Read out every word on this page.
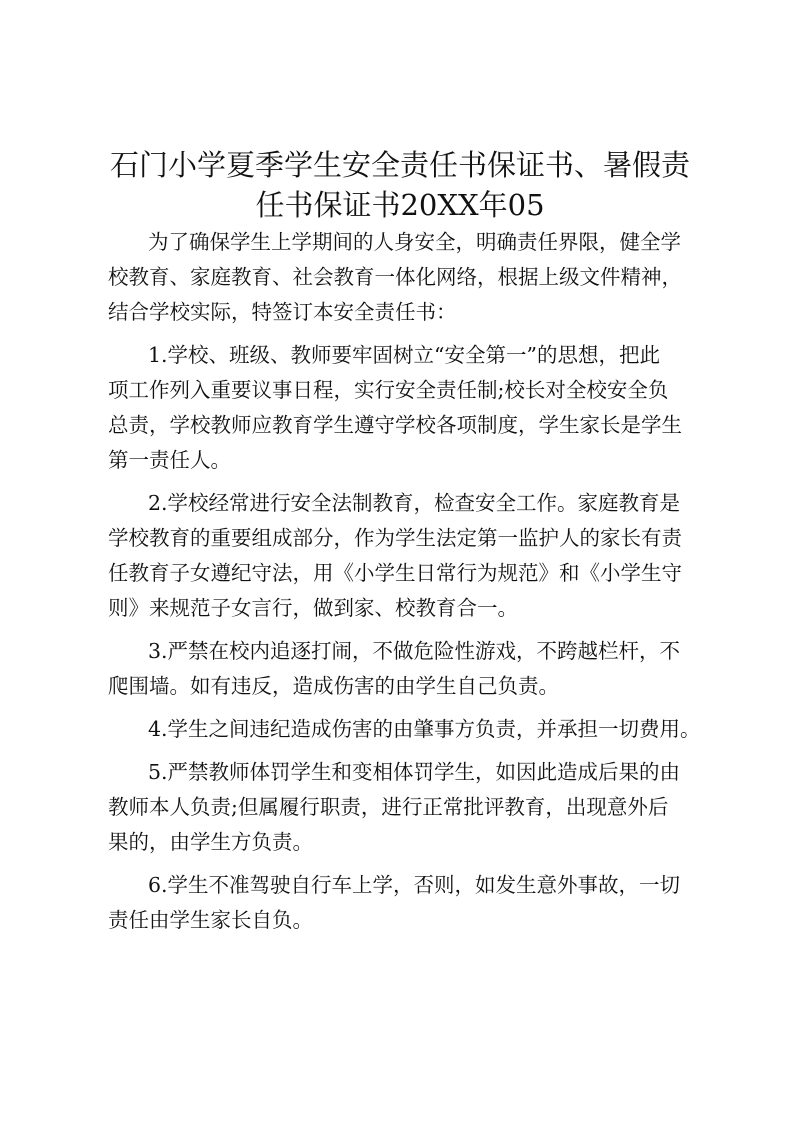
石门小学夏季学生安全责任书保证书、暑假责
任书保证书20XX年05

为了确保学生上学期间的人身安全，明确责任界限，健全学
校教育、家庭教育、社会教育一体化网络，根据上级文件精神，
结合学校实际，特签订本安全责任书：

1.学校、班级、教师要牢固树立“安全第一”的思想，把此
项工作列入重要议事日程，实行安全责任制;校长对全校安全负
总责，学校教师应教育学生遵守学校各项制度，学生家长是学生
第一责任人。

2.学校经常进行安全法制教育，检查安全工作。家庭教育是
学校教育的重要组成部分，作为学生法定第一监护人的家长有责
任教育子女遵纪守法，用《小学生日常行为规范》和《小学生守
则》来规范子女言行，做到家、校教育合一。

3.严禁在校内追逐打闹，不做危险性游戏，不跨越栏杆，不
爬围墙。如有违反，造成伤害的由学生自己负责。

4.学生之间违纪造成伤害的由肇事方负责，并承担一切费用。

5.严禁教师体罚学生和变相体罚学生，如因此造成后果的由
教师本人负责;但属履行职责，进行正常批评教育，出现意外后
果的，由学生方负责。

6.学生不准驾驶自行车上学，否则，如发生意外事故，一切
责任由学生家长自负。
